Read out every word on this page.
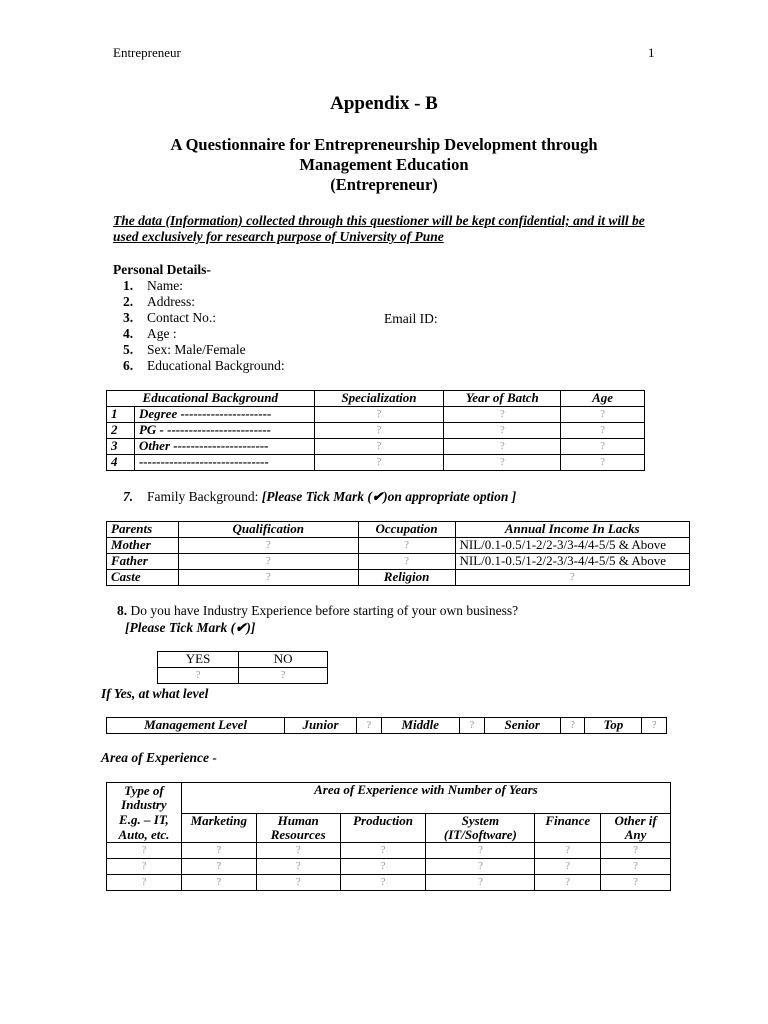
Entrepreneur	1
Appendix - B
A Questionnaire for Entrepreneurship Development through
Management Education
(Entrepreneur)
The data (Information) collected through this questioner will be kept confidential; and it will be used exclusively for research purpose of University of Pune
Personal Details-
1. Name:
2. Address:
3. Contact No.:
4. Age :
5. Sex: Male/Female
6. Educational Background:
Email ID:
Educational Background		Specialization	Year of Batch	Age
1	Degree ---------------------	?	?	?
2	PG - ------------------------	?	?	?
3	Other ----------------------	?	?	?
4	------------------------------	?	?	?
7. Family Background: [Please Tick Mark (✔)on appropriate option ]
Parents	Qualification	Occupation	Annual Income In Lacks
Mother	?	?	NIL/0.1-0.5/1-2/2-3/3-4/4-5/5 & Above
Father	?	?	NIL/0.1-0.5/1-2/2-3/3-4/4-5/5 & Above
Caste	?	Religion	?
8. Do you have Industry Experience before starting of your own business?
[Please Tick Mark (✔)]
YES	NO
?	?
If Yes, at what level
Management Level	Junior	?	Middle	?	Senior	?	Top	?
Area of Experience -
Type of Industry	Area of Experience with Number of Years					
E.g. – IT, Auto, etc.	Marketing	Human Resources	Production	System (IT/Software)	Finance	Other if Any
?	?	?	?	?	?	?
?	?	?	?	?	?	?
?	?	?	?	?	?	?
